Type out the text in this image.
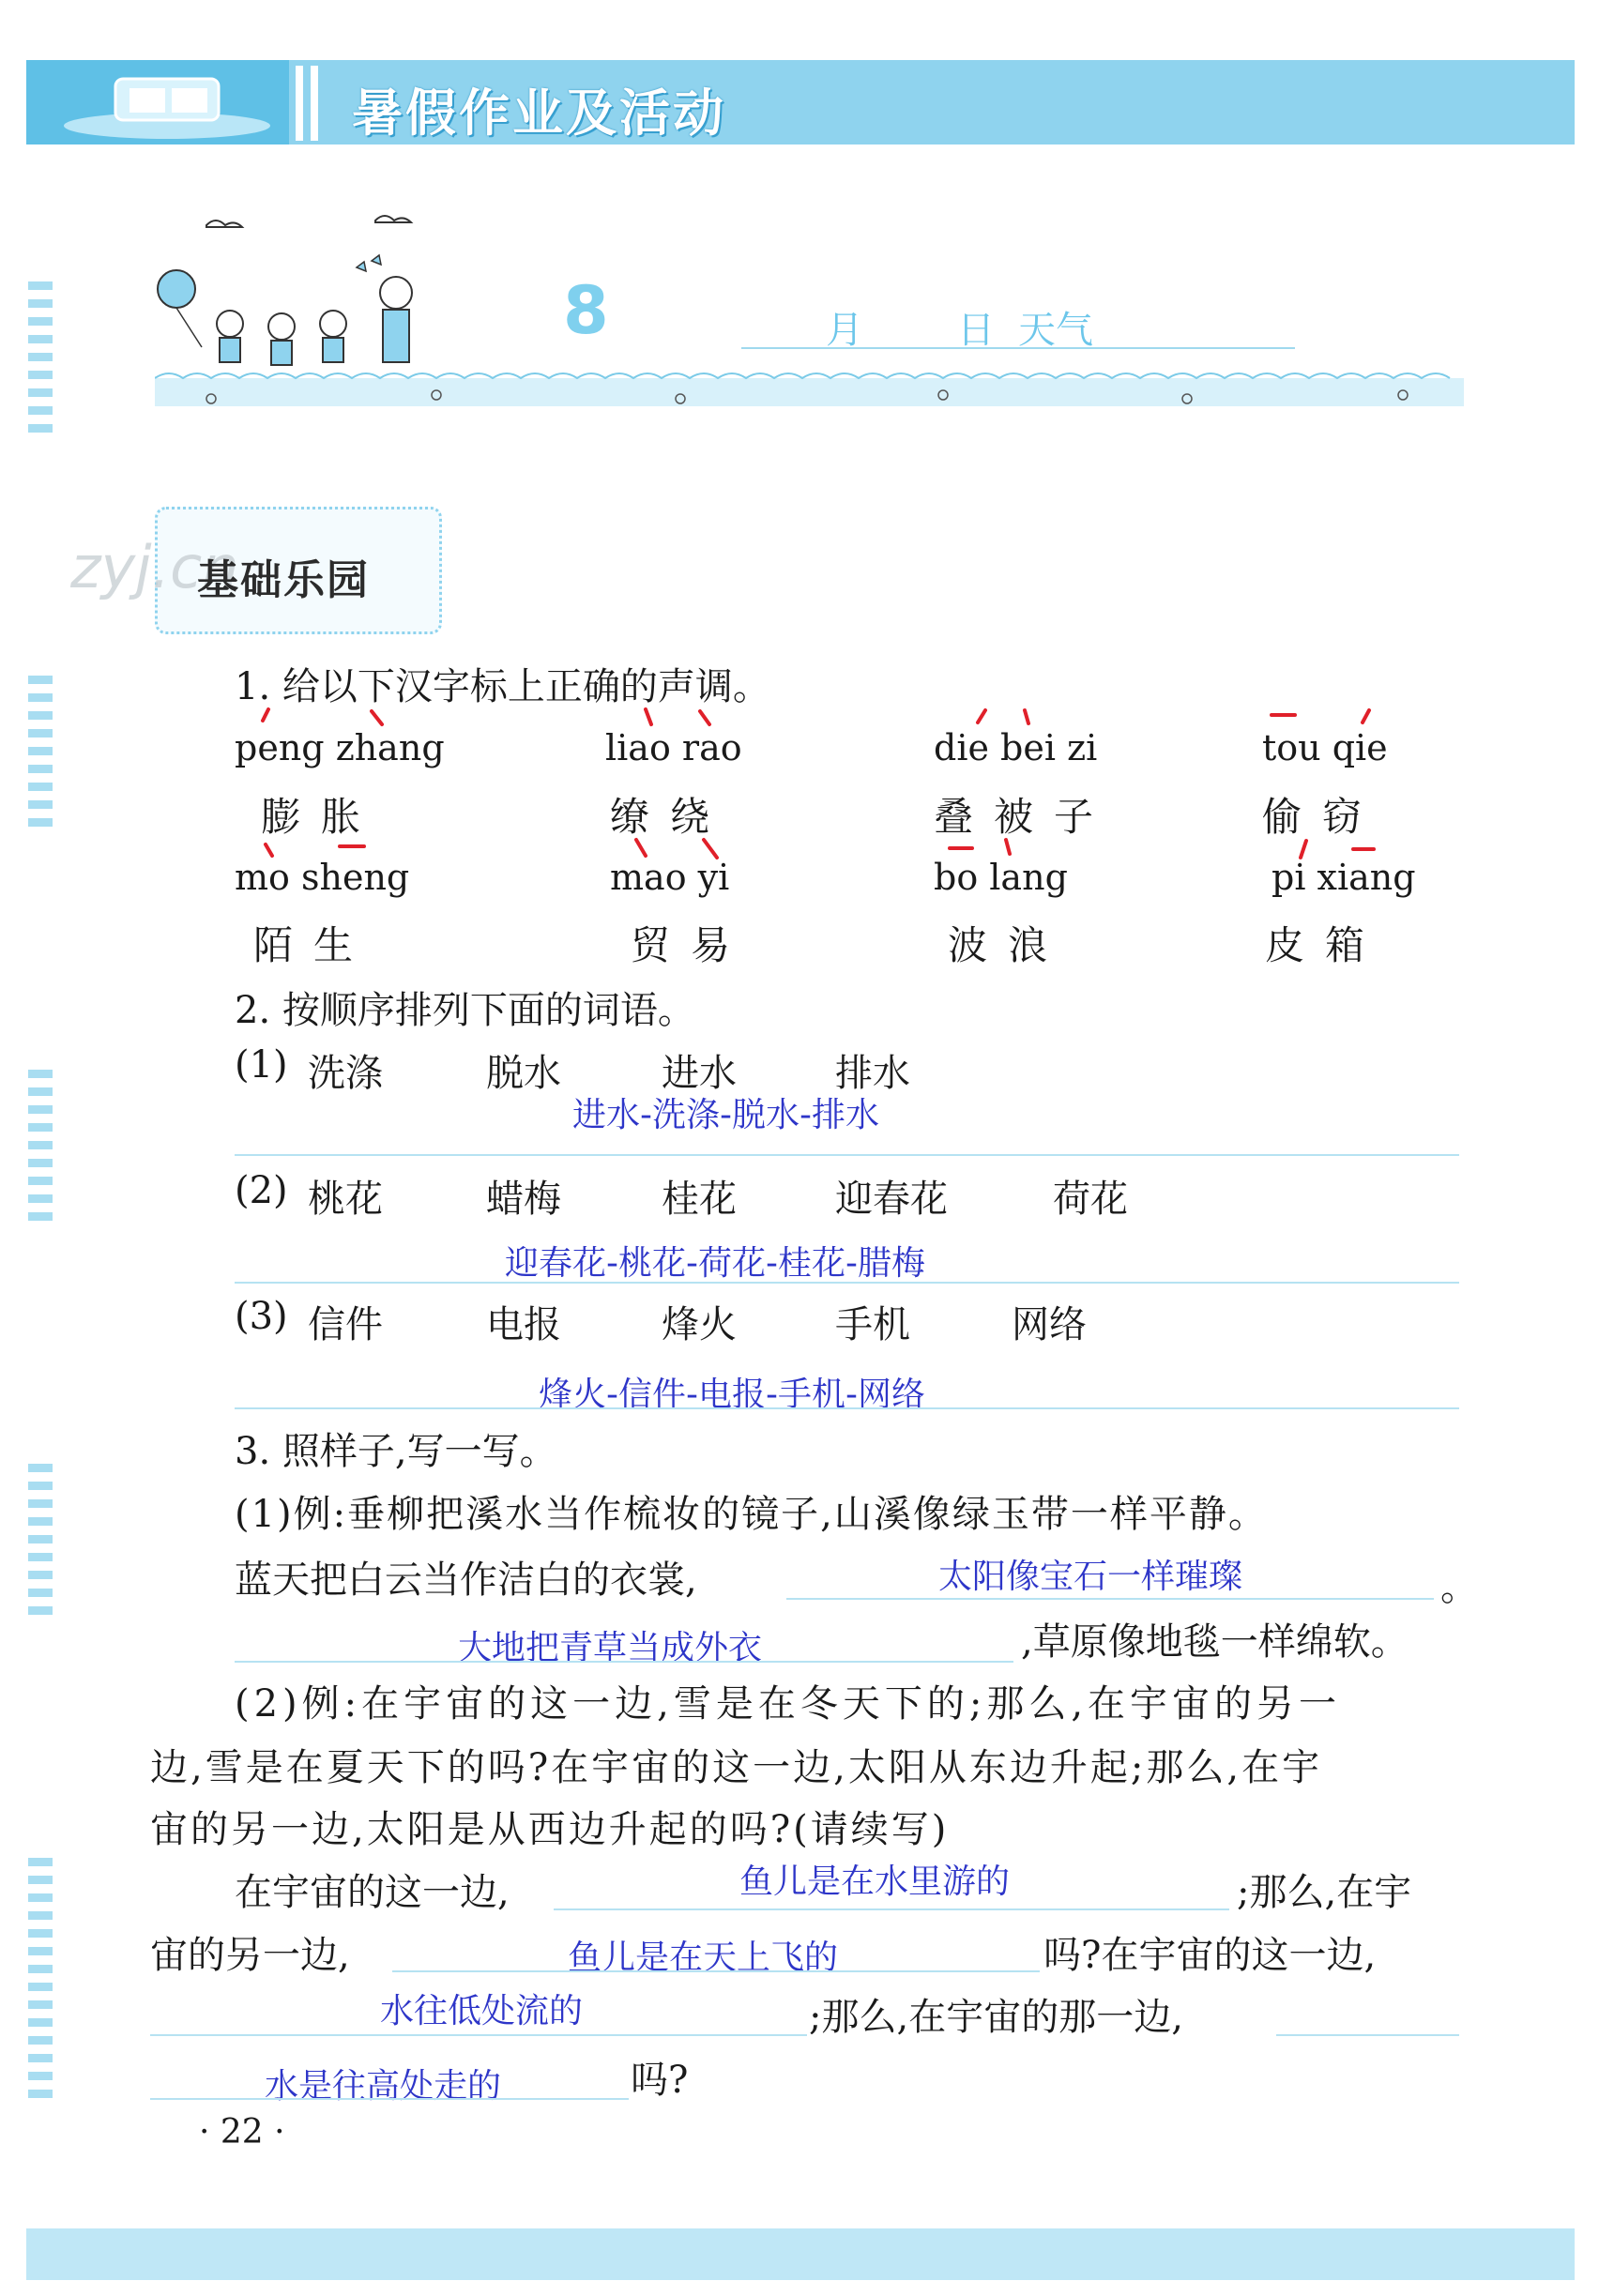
暑假作业及活动
8	月	日 天气
zyj.cn
基础乐园
1. 给以下汉字标上正确的声调。
peng zhang	liao rao	die bei zi	tou qie
膨胀	缭绕	叠被子	偷窃
mo sheng	mao yi	bo lang	pi xiang
陌生	贸易	波浪	皮箱
2. 按顺序排列下面的词语。
(1) 洗涤	脱水	进水	排水
进水-洗涤-脱水-排水
(2) 桃花	蜡梅	桂花	迎春花	荷花
迎春花-桃花-荷花-桂花-腊梅
(3) 信件	电报	烽火	手机	网络
烽火-信件-电报-手机-网络
3. 照样子,写一写。
(1)例:垂柳把溪水当作梳妆的镜子,山溪像绿玉带一样平静。
蓝天把白云当作洁白的衣裳,	太阳像宝石一样璀璨	。
大地把青草当成外衣	,草原像地毯一样绵软。
(2)例:在宇宙的这一边,雪是在冬天下的;那么,在宇宙的另一
边,雪是在夏天下的吗?在宇宙的这一边,太阳从东边升起;那么,在宇
宙的另一边,太阳是从西边升起的吗?(请续写)
在宇宙的这一边,	鱼儿是在水里游的	;那么,在宇
宙的另一边,	鱼儿是在天上飞的	吗?在宇宙的这一边,
水往低处流的	;那么,在宇宙的那一边,
水是往高处走的	吗?
· 22 ·
